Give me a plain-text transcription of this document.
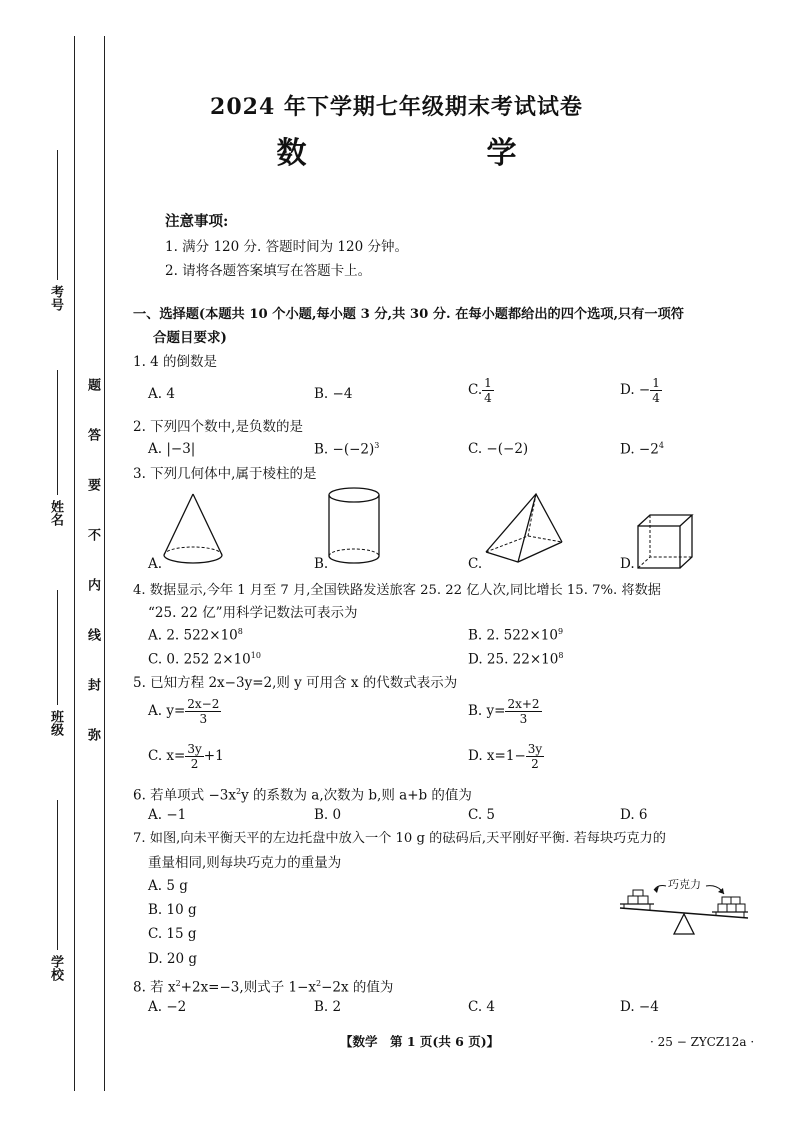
考号
姓名
班级
学校
题
答
要
不
内
线
封
弥
2024 年下学期七年级期末考试试卷
数　　学
注意事项:
1. 满分 120 分. 答题时间为 120 分钟。
2. 请将各题答案填写在答题卡上。
一、选择题(本题共 10 个小题,每小题 3 分,共 30 分. 在每小题都给出的四个选项,只有一项符
合题目要求)
1. 4 的倒数是
A. 4	B. −4	C. $\frac{1}{4}$	D. − $\frac{1}{4}$
2. 下列四个数中,是负数的是
A. |−3|	B. $-(-2)^3$	C. −(−2)	D. $-2^4$
3. 下列几何体中,属于棱柱的是
A.	B.	C.	D.
4. 数据显示,今年 1 月至 7 月,全国铁路发送旅客 25. 22 亿人次,同比增长 15. 7%. 将数据
“25. 22 亿”用科学记数法可表示为
A. 2. $522\times 10^8$	B. 2. $522\times 10^9$
C. 0. 252 $2\times 10^{10}$	D. 25. $22\times 10^8$
5. 已知方程 2x−3y=2,则 y 可用含 x 的代数式表示为
A. $y= \frac{2x-2}{3}$	B. $y= \frac{2x+2}{3}$
C. $x= \frac{3y}{2} +1$	D. $x=1- \frac{3y}{2}$
6. 若单项式 $-3x^2y$ 的系数为 a,次数为 b,则 a+b 的值为
A. −1	B. 0	C. 5	D. 6
7. 如图,向未平衡天平的左边托盘中放入一个 10 g 的砝码后,天平刚好平衡. 若每块巧克力的
重量相同,则每块巧克力的重量为
A. 5 g
B. 10 g
C. 15 g
D. 20 g
巧克力
8. 若 $x^2+2x=-3$,则式子 $1-x^2-2x$ 的值为
A. −2	B. 2	C. 4	D. −4
【数学　第 1 页(共 6 页)】	· 25 − ZYCZ12a ·
